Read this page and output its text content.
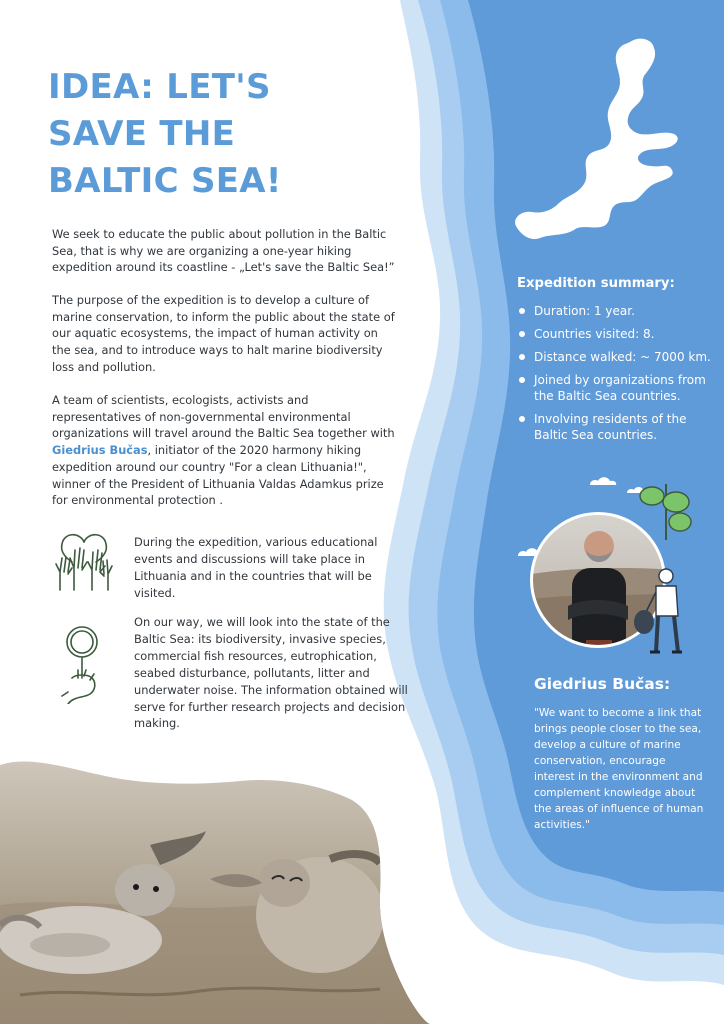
IDEA: LET'S
SAVE THE
BALTIC SEA!

We seek to educate the public about pollution in the Baltic Sea, that is why we are organizing a one-year hiking expedition around its coastline - „Let's save the Baltic Sea!”

The purpose of the expedition is to develop a culture of marine conservation, to inform the public about the state of our aquatic ecosystems, the impact of human activity on the sea, and to introduce ways to halt marine biodiversity loss and pollution.

A team of scientists, ecologists, activists and representatives of non-governmental environmental organizations will travel around the Baltic Sea together with Giedrius Bučas, initiator of the 2020 harmony hiking expedition around our country "For a clean Lithuania!", winner of the President of Lithuania Valdas Adamkus prize for environmental protection .

During the expedition, various educational events and discussions will take place in Lithuania and in the countries that will be visited.

On our way, we will look into the state of the Baltic Sea: its biodiversity, invasive species, commercial fish resources, eutrophication, seabed disturbance, pollutants, litter and underwater noise. The information obtained will serve for further research projects and decision making.

Expedition summary:
Duration: 1 year.
Countries visited: 8.
Distance walked: ~ 7000 km.
Joined by organizations from the Baltic Sea countries.
Involving residents of the Baltic Sea countries.
Giedrius Bučas:

"We want to become a link that brings people closer to the sea, develop a culture of marine conservation, encourage interest in the environment and complement knowledge about the areas of influence of human activities."
